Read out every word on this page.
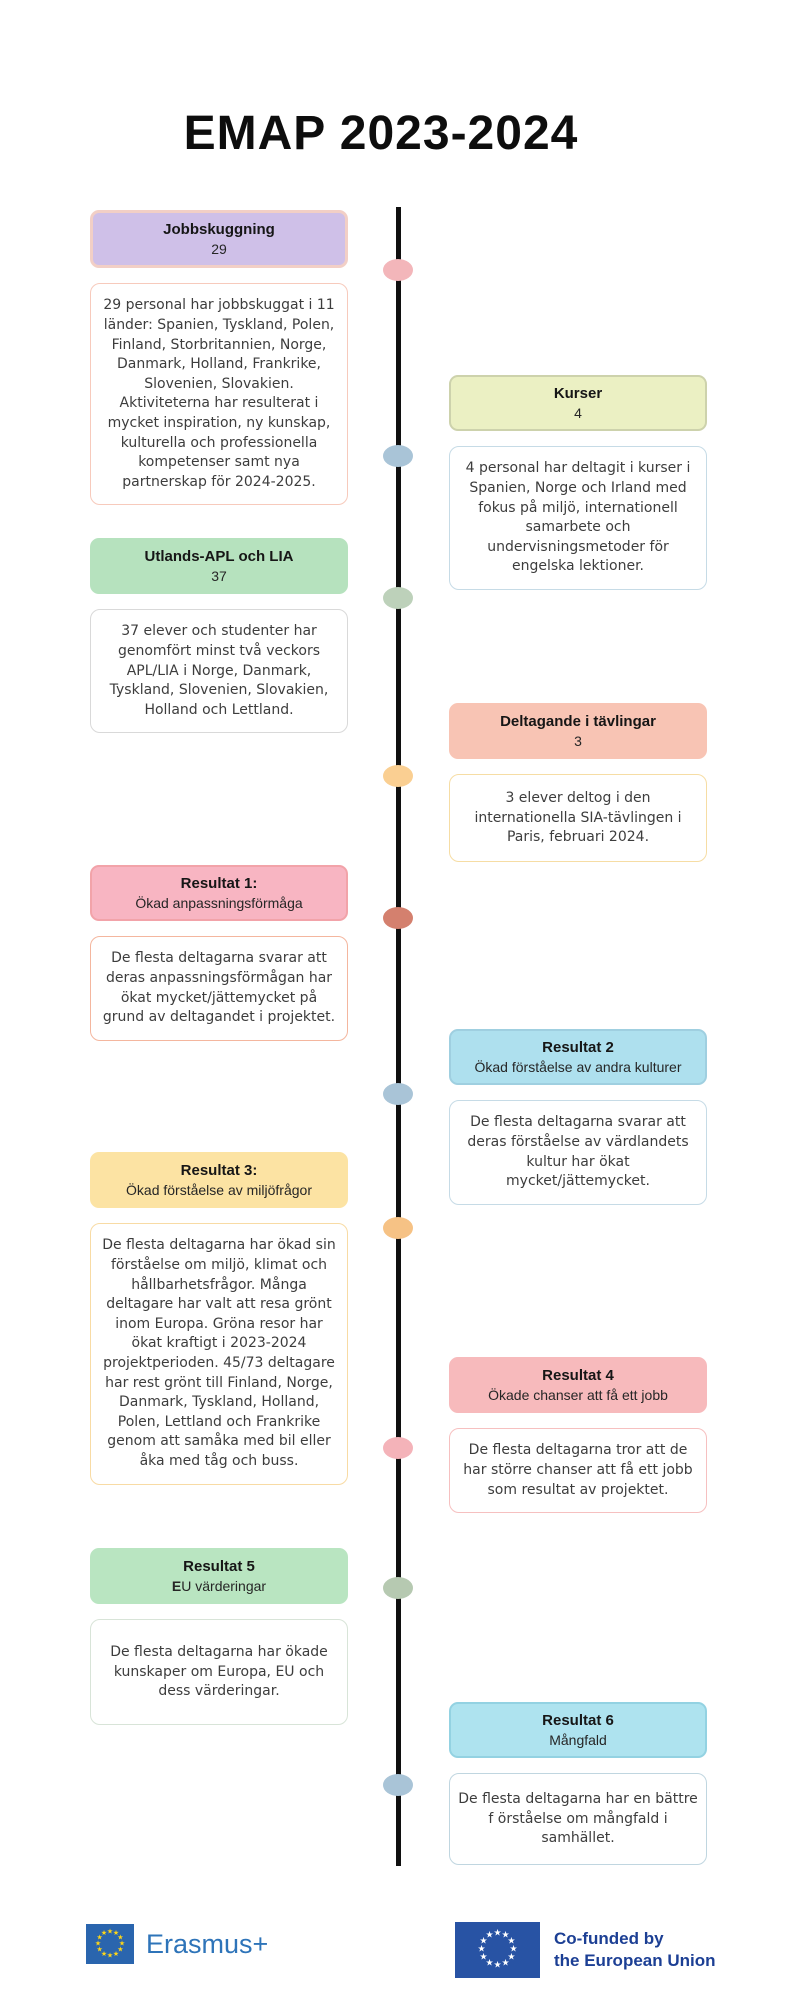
EMAP 2023-2024
Jobbskuggning
29

29 personal har jobbskuggat i 11 länder: Spanien, Tyskland, Polen, Finland, Storbritannien, Norge, Danmark, Holland, Frankrike, Slovenien, Slovakien. Aktiviteterna har resulterat i mycket inspiration, ny kunskap, kulturella och professionella kompetenser samt nya partnerskap för 2024-2025.

Kurser
4

4 personal har deltagit i kurser i Spanien, Norge och Irland med fokus på miljö, internationell samarbete och undervisningsmetoder för engelska lektioner.

Utlands-APL och LIA
37

37 elever och studenter har genomfört minst två veckors APL/LIA i Norge, Danmark, Tyskland, Slovenien, Slovakien, Holland och Lettland.

Deltagande i tävlingar
3

3 elever deltog i den internationella SIA-tävlingen i Paris, februari 2024.

Resultat 1:
Ökad anpassningsförmåga

De flesta deltagarna svarar att deras anpassningsförmågan har ökat mycket/jättemycket på grund av deltagandet i projektet.

Resultat 2
Ökad förståelse av andra kulturer

De flesta deltagarna svarar att deras förståelse av värdlandets kultur har ökat mycket/jättemycket.

Resultat 3:
Ökad förståelse av miljöfrågor

De flesta deltagarna har ökad sin förståelse om miljö, klimat och hållbarhetsfrågor. Många deltagare har valt att resa grönt inom Europa. Gröna resor har ökat kraftigt i 2023-2024 projektperioden. 45/73 deltagare har rest grönt till Finland, Norge, Danmark, Tyskland, Holland, Polen, Lettland och Frankrike genom att samåka med bil eller åka med tåg och buss.

Resultat 4
Ökade chanser att få ett jobb

De flesta deltagarna tror att de har större chanser att få ett jobb som resultat av projektet.

Resultat 5
EU värderingar

De flesta deltagarna har ökade kunskaper om Europa, EU och dess värderingar.

Resultat 6
Mångfald

De flesta deltagarna har en bättre f örståelse om mångfald i samhället.

★ ★
★
★
★
★
★
★
★
★
★
★ Erasmus+	★ ★
★
★
★
★
★
★
★
★
★
★	Co-funded by
the European Union
